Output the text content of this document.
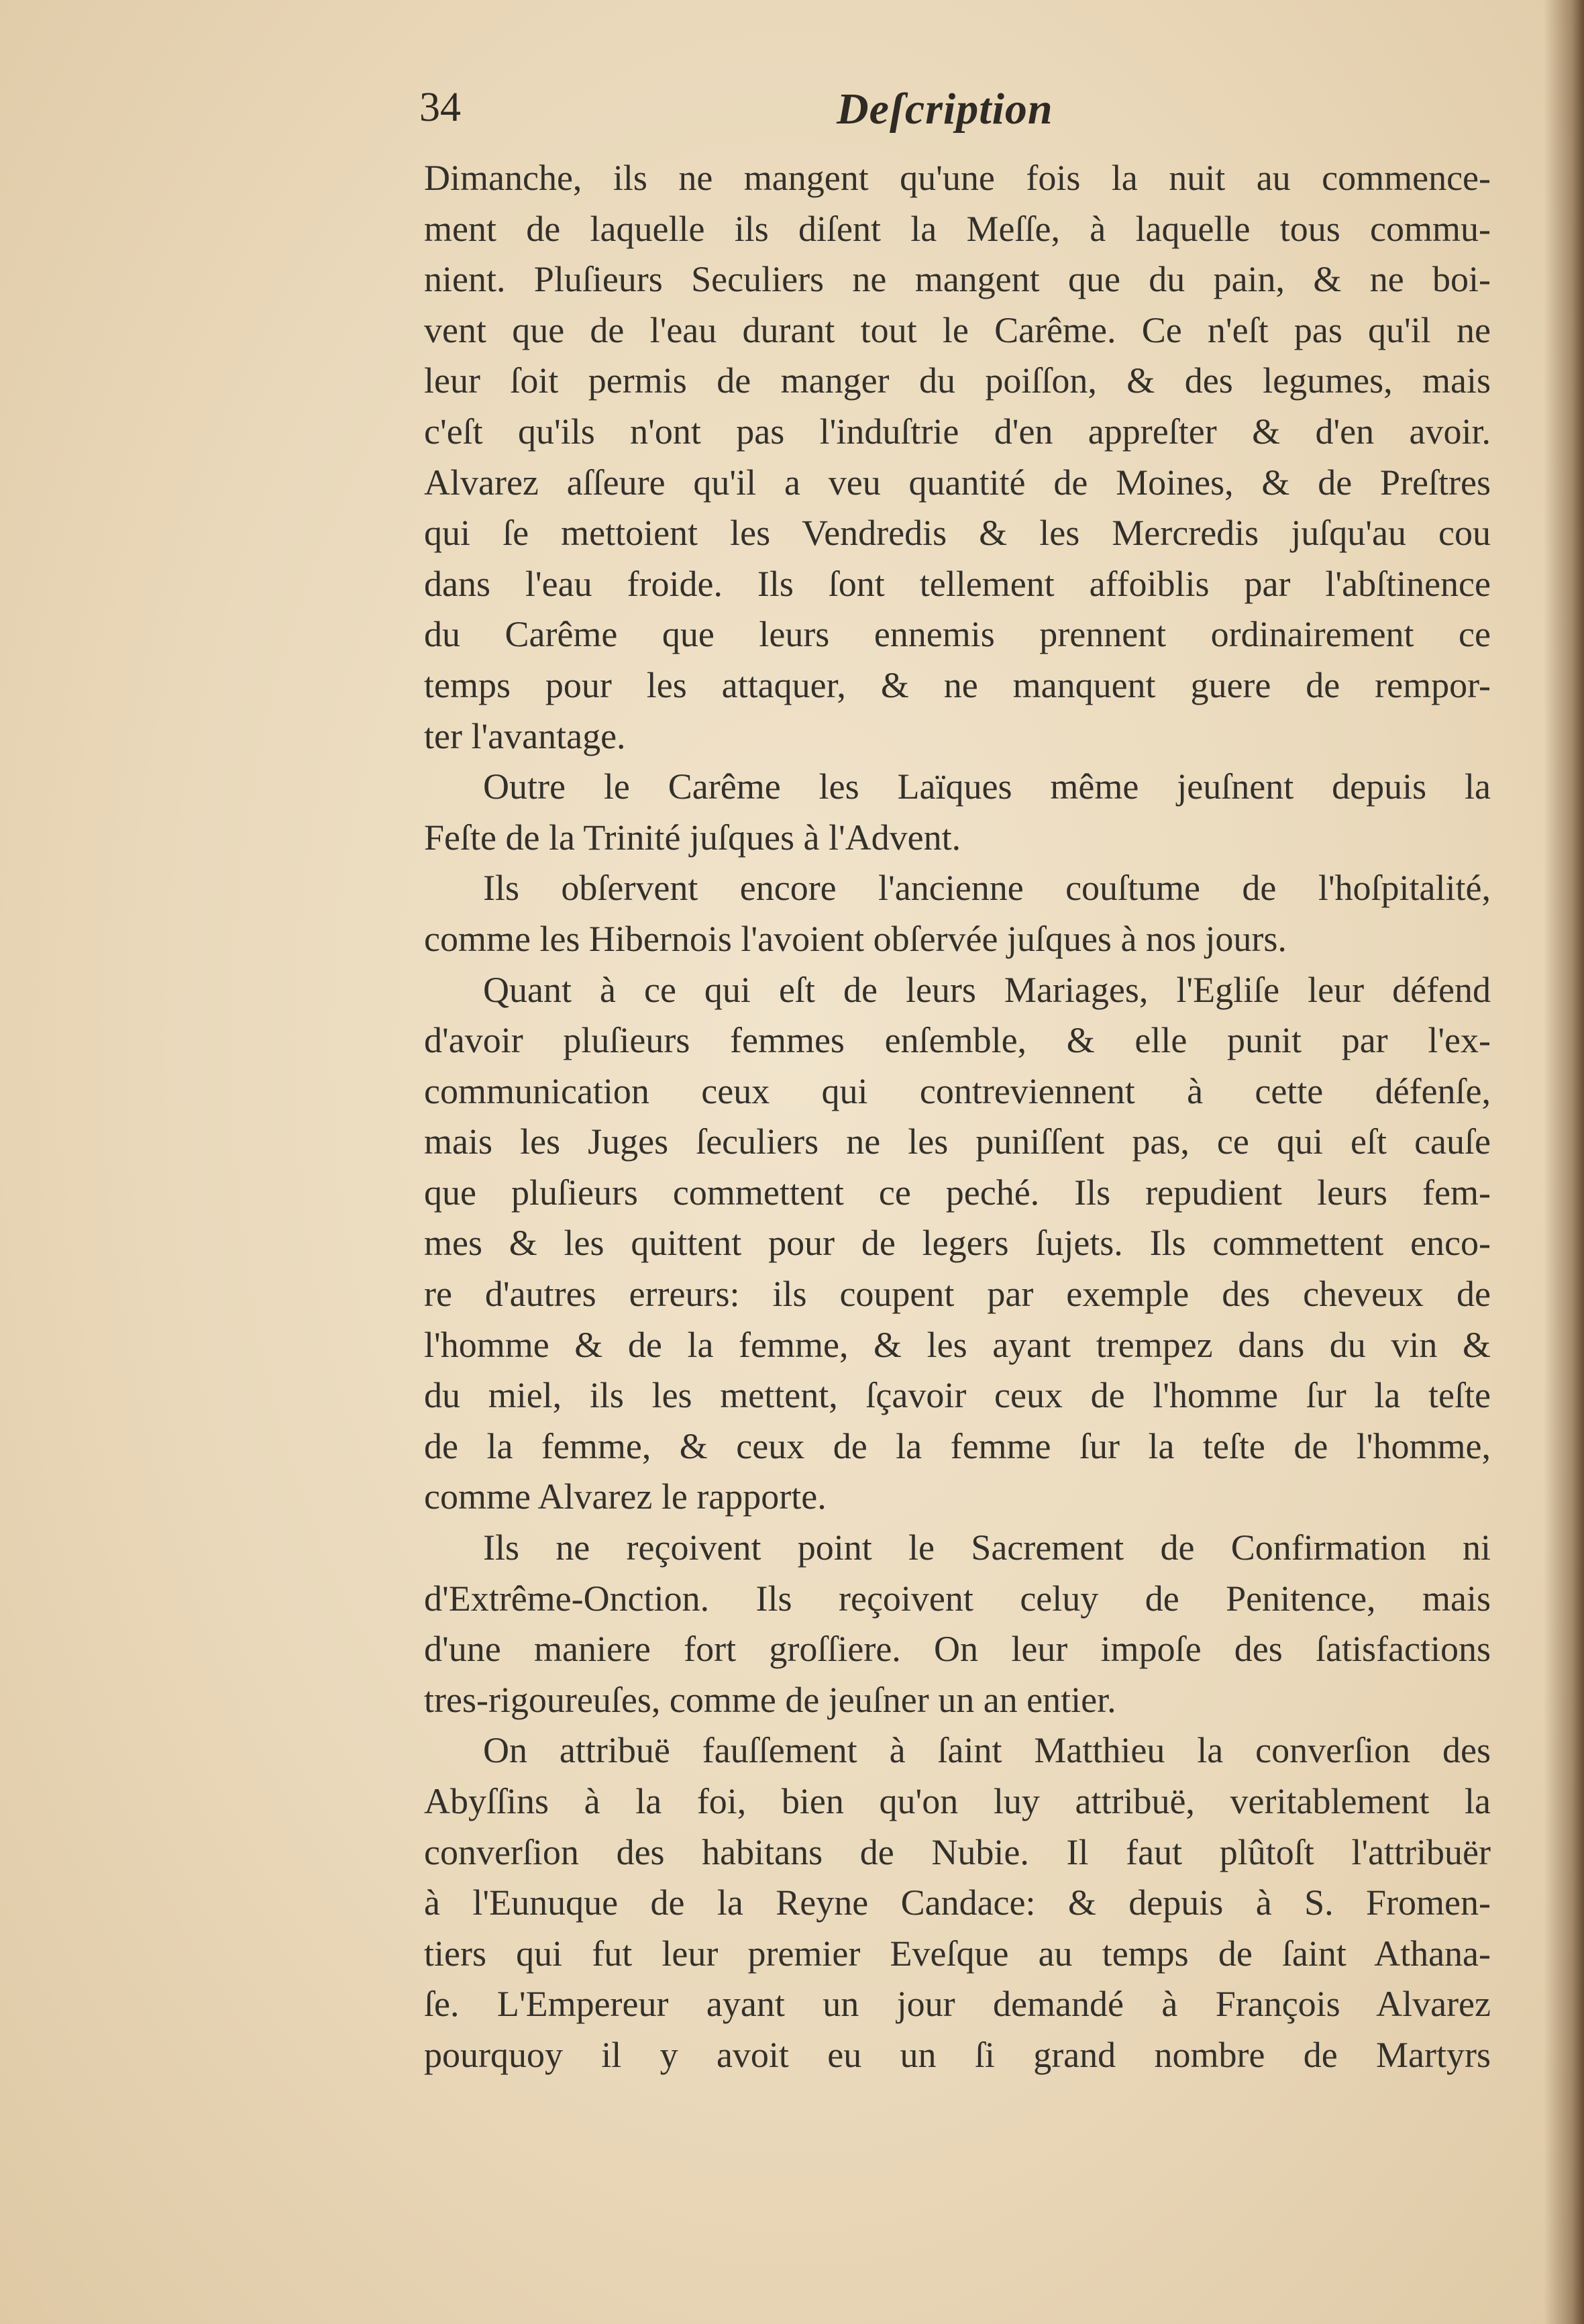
34	Deſcription
Dimanche, ils ne mangent qu'une fois la nuit au commence-
ment de laquelle ils diſent la Meſſe, à laquelle tous commu-
nient. Pluſieurs Seculiers ne mangent que du pain, & ne boi-
vent que de l'eau durant tout le Carême. Ce n'eſt pas qu'il ne
leur ſoit permis de manger du poiſſon, & des legumes, mais
c'eſt qu'ils n'ont pas l'induſtrie d'en appreſter & d'en avoir.
Alvarez aſſeure qu'il a veu quantité de Moines, & de Preſtres
qui ſe mettoient les Vendredis & les Mercredis juſqu'au cou
dans l'eau froide. Ils ſont tellement affoiblis par l'abſtinence
du Carême que leurs ennemis prennent ordinairement ce
temps pour les attaquer, & ne manquent guere de rempor-
ter l'avantage.
Outre le Carême les Laïques même jeuſnent depuis la
Feſte de la Trinité juſques à l'Advent.
Ils obſervent encore l'ancienne couſtume de l'hoſpitalité,
comme les Hibernois l'avoient obſervée juſques à nos jours.
Quant à ce qui eſt de leurs Mariages, l'Egliſe leur défend
d'avoir pluſieurs femmes enſemble, & elle punit par l'ex-
communication ceux qui contreviennent à cette défenſe,
mais les Juges ſeculiers ne les puniſſent pas, ce qui eſt cauſe
que pluſieurs commettent ce peché. Ils repudient leurs fem-
mes & les quittent pour de legers ſujets. Ils commettent enco-
re d'autres erreurs: ils coupent par exemple des cheveux de
l'homme & de la femme, & les ayant trempez dans du vin &
du miel, ils les mettent, ſçavoir ceux de l'homme ſur la teſte
de la femme, & ceux de la femme ſur la teſte de l'homme,
comme Alvarez le rapporte.
Ils ne reçoivent point le Sacrement de Confirmation ni
d'Extrême-Onction. Ils reçoivent celuy de Penitence, mais
d'une maniere fort groſſiere. On leur impoſe des ſatisfactions
tres-rigoureuſes, comme de jeuſner un an entier.
On attribuë fauſſement à ſaint Matthieu la converſion des
Abyſſins à la foi, bien qu'on luy attribuë, veritablement la
converſion des habitans de Nubie. Il faut plûtoſt l'attribuër
à l'Eunuque de la Reyne Candace: & depuis à S. Fromen-
tiers qui fut leur premier Eveſque au temps de ſaint Athana-
ſe. L'Empereur ayant un jour demandé à François Alvarez
pourquoy il y avoit eu un ſi grand nombre de Martyrs
